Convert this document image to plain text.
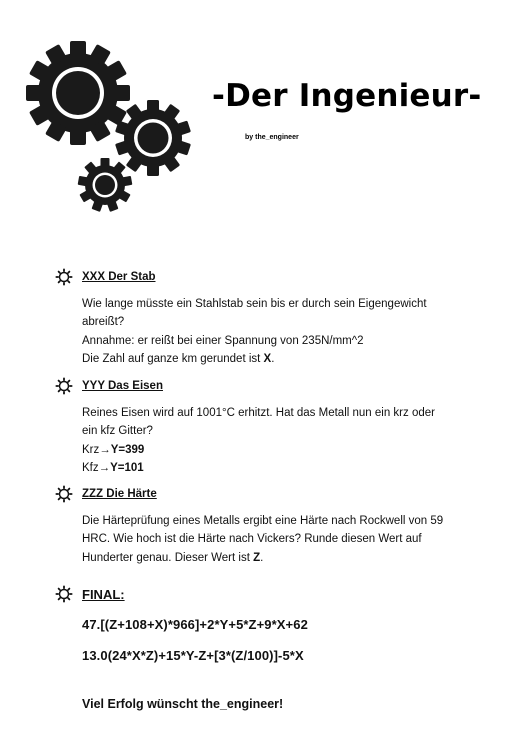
-Der Ingenieur-
by the_engineer
XXX Der Stab

Wie lange müsste ein Stahlstab sein bis er durch sein Eigengewicht

abreißt?

Annahme: er reißt bei einer Spannung von 235N/mm^2

Die Zahl auf ganze km gerundet ist X.

YYY Das Eisen

Reines Eisen wird auf 1001°C erhitzt. Hat das Metall nun ein krz oder

ein kfz Gitter?

Krz→Y=399

Kfz→Y=101

ZZZ Die Härte

Die Härteprüfung eines Metalls ergibt eine Härte nach Rockwell von 59

HRC. Wie hoch ist die Härte nach Vickers? Runde diesen Wert auf

Hunderter genau. Dieser Wert ist Z.

FINAL:
47.[(Z+108+X)*966]+2*Y+5*Z+9*X+62
13.0(24*X*Z)+15*Y-Z+[3*(Z/100)]-5*X
Viel Erfolg wünscht the_engineer!
